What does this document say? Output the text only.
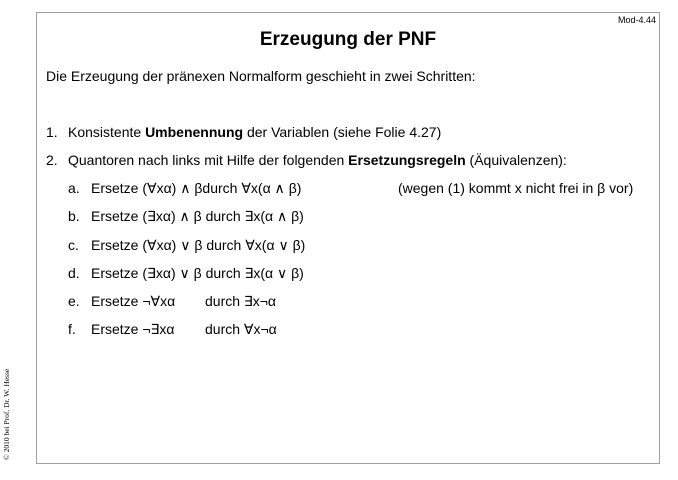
Mod-4.44
© 2010 bei Prof. Dr. W. Hesse
Erzeugung der PNF

Die Erzeugung der pränexen Normalform geschieht in zwei Schritten:

1. Konsistente Umbenennung der Variablen (siehe Folie 4.27)
2. Quantoren nach links mit Hilfe der folgenden Ersetzungsregeln (Äquivalenzen):
a. Ersetze (∀xα) ∧ βdurch ∀x(α ∧ β)	(wegen (1) kommt x nicht frei in β vor)
b. Ersetze (∃xα) ∧ β durch ∃x(α ∧ β)
c. Ersetze (∀xα) ∨ β durch ∀x(α ∨ β)
d. Ersetze (∃xα) ∨ β durch ∃x(α ∨ β)
e. Ersetze ¬∀xα durch ∃x¬α
f. Ersetze ¬∃xα durch ∀x¬α
